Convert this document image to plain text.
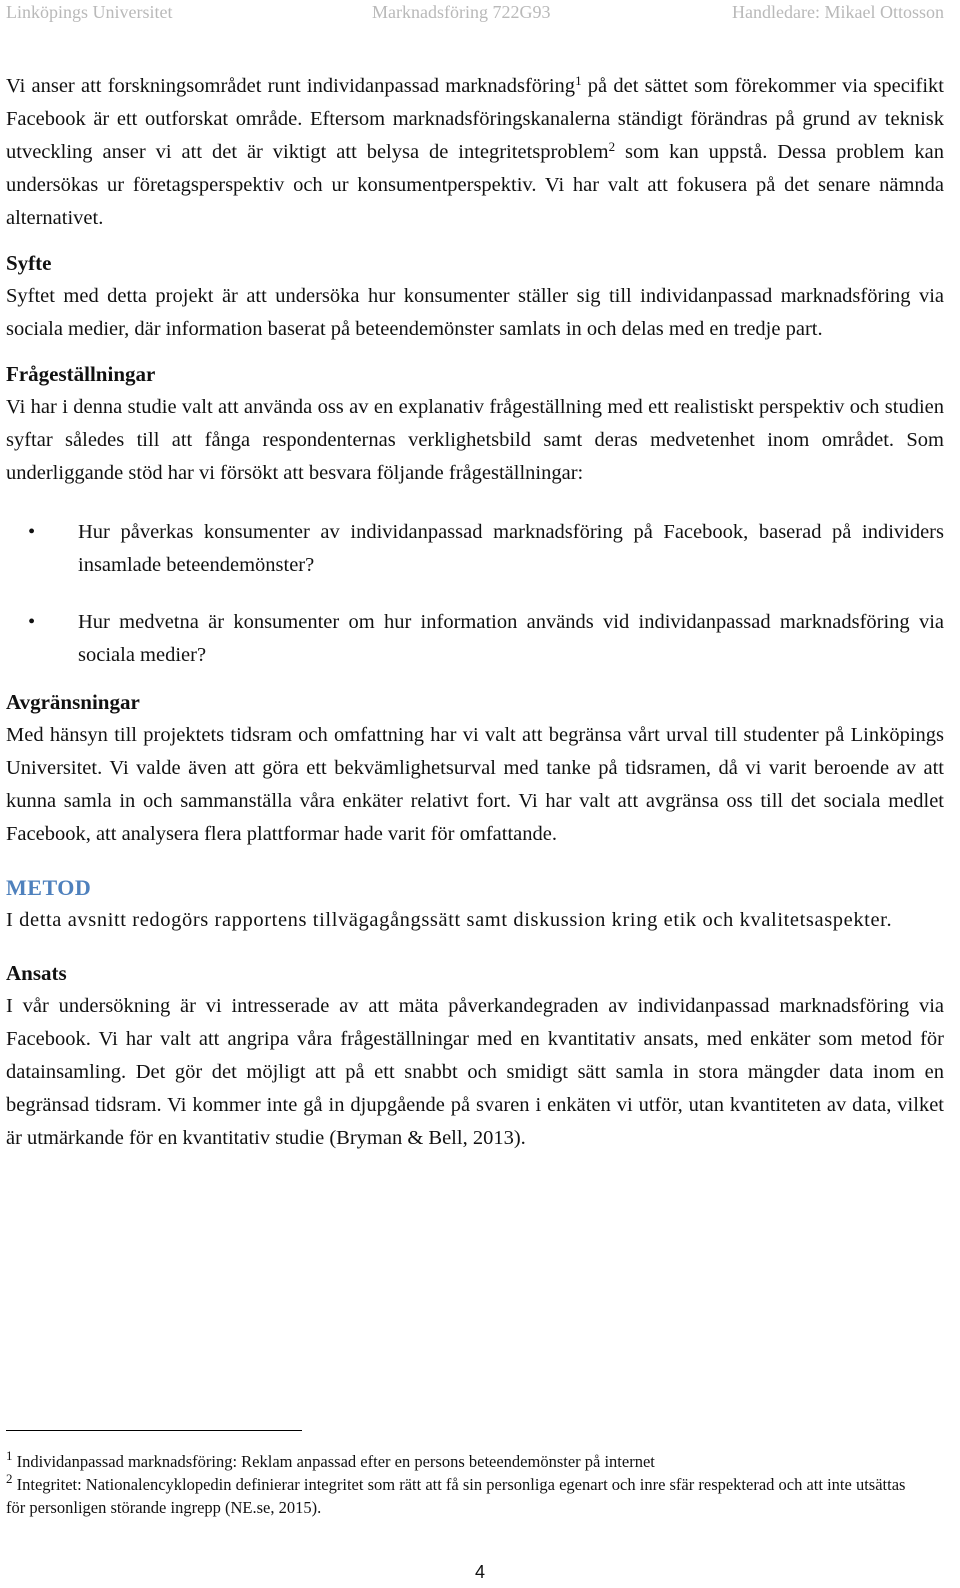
Linköpings Universitet	Marknadsföring 722G93	Handledare: Mikael Ottosson

Vi anser att forskningsområdet runt individanpassad marknadsföring$^1$ på det sättet som förekommer via specifikt Facebook är ett outforskat område. Eftersom marknadsföringskanalerna ständigt förändras på grund av teknisk utveckling anser vi att det är viktigt att belysa de integritetsproblem$^2$ som kan uppstå. Dessa problem kan undersökas ur företagsperspektiv och ur konsumentperspektiv. Vi har valt att fokusera på det senare nämnda alternativet.

Syfte

Syftet med detta projekt är att undersöka hur konsumenter ställer sig till individanpassad marknadsföring via sociala medier, där information baserat på beteendemönster samlats in och delas med en tredje part.

Frågeställningar

Vi har i denna studie valt att använda oss av en explanativ frågeställning med ett realistiskt perspektiv och studien syftar således till att fånga respondenternas verklighetsbild samt deras medvetenhet inom området. Som underliggande stöd har vi försökt att besvara följande frågeställningar:

• Hur påverkas konsumenter av individanpassad marknadsföring på Facebook, baserad på individers insamlade beteendemönster?
• Hur medvetna är konsumenter om hur information används vid individanpassad marknadsföring via sociala medier?
Avgränsningar

Med hänsyn till projektets tidsram och omfattning har vi valt att begränsa vårt urval till studenter på Linköpings Universitet. Vi valde även att göra ett bekvämlighetsurval med tanke på tidsramen, då vi varit beroende av att kunna samla in och sammanställa våra enkäter relativt fort. Vi har valt att avgränsa oss till det sociala medlet Facebook, att analysera flera plattformar hade varit för omfattande.

METOD

I detta avsnitt redogörs rapportens tillvägagångssätt samt diskussion kring etik och kvalitetsaspekter.

Ansats

I vår undersökning är vi intresserade av att mäta påverkandegraden av individanpassad marknadsföring via Facebook. Vi har valt att angripa våra frågeställningar med en kvantitativ ansats, med enkäter som metod för datainsamling. Det gör det möjligt att på ett snabbt och smidigt sätt samla in stora mängder data inom en begränsad tidsram. Vi kommer inte gå in djupgående på svaren i enkäten vi utför, utan kvantiteten av data, vilket är utmärkande för en kvantitativ studie (Bryman & Bell, 2013).

$^1$ Individanpassad marknadsföring: Reklam anpassad efter en persons beteendemönster på internet

$^2$ Integritet: Nationalencyklopedin definierar integritet som rätt att få sin personliga egenart och inre sfär respekterad och att inte utsättas för personligen störande ingrepp (NE.se, 2015).

4
